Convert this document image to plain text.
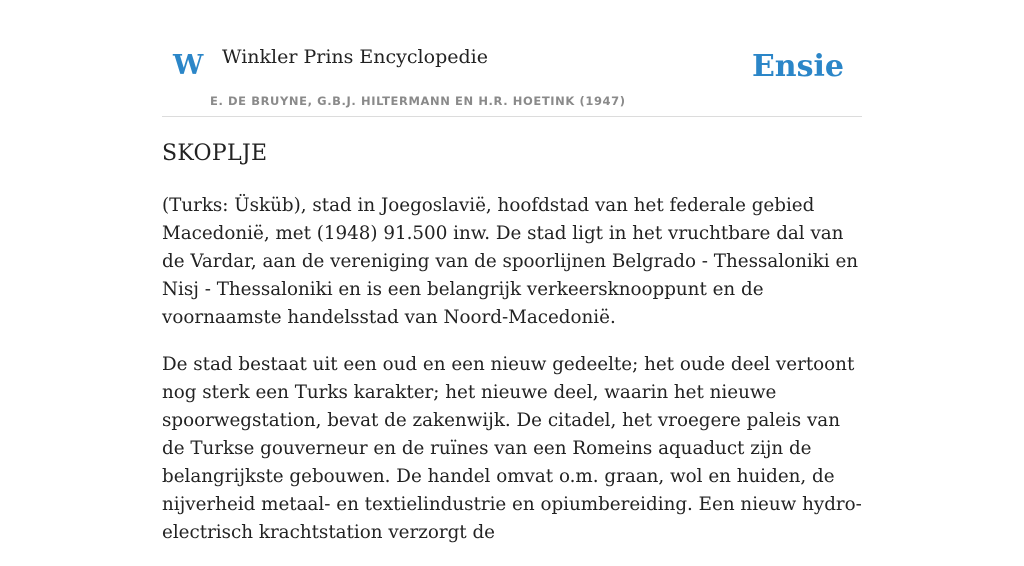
W Winkler Prins Encyclopedie
E. DE BRUYNE, G.B.J. HILTERMANN EN H.R. HOETINK (1947)
Ensie
SKOPLJE

(Turks: Üsküb), stad in Joegoslavië, hoofdstad van het federale gebied Macedonië, met (1948) 91.500 inw. De stad ligt in het vruchtbare dal van de Vardar, aan de vereniging van de spoorlijnen Belgrado - Thessaloniki en Nisj - Thessaloniki en is een belangrijk verkeersknooppunt en de voornaamste handelsstad van Noord-Macedonië.

De stad bestaat uit een oud en een nieuw gedeelte; het oude deel vertoont nog sterk een Turks karakter; het nieuwe deel, waarin het nieuwe spoorwegstation, bevat de zakenwijk. De citadel, het vroegere paleis van de Turkse gouverneur en de ruïnes van een Romeins aquaduct zijn de belangrijkste gebouwen. De handel omvat o.m. graan, wol en huiden, de nijverheid metaal- en textielindustrie en opiumbereiding. Een nieuw hydro-electrisch krachtstation verzorgt de
